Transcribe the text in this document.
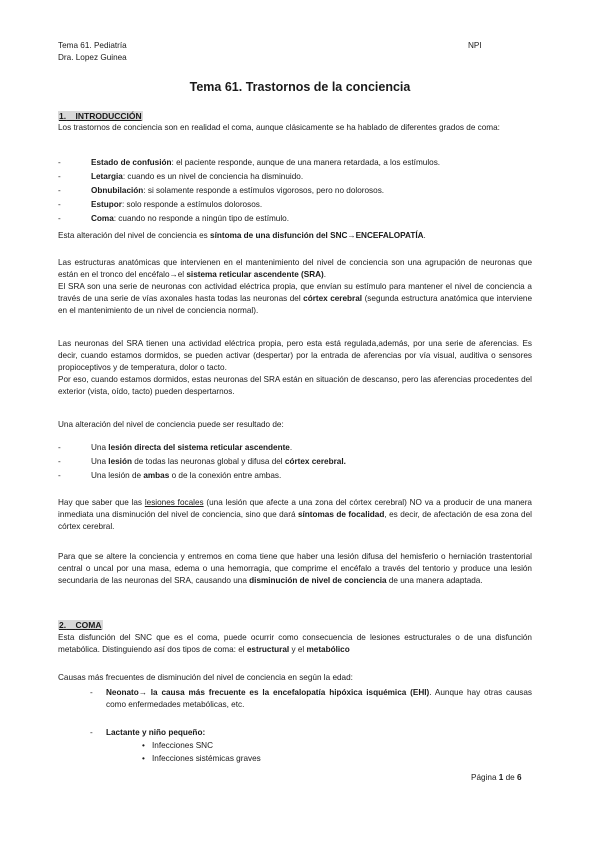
Tema 61. Pediatría
Dra. Lopez Guinea
NPI
Tema 61. Trastornos de la conciencia
1. INTRODUCCIÓN
Los trastornos de conciencia son en realidad el coma, aunque clásicamente se ha hablado de diferentes grados de coma:
-	Estado de confusión: el paciente responde, aunque de una manera retardada, a los estímulos.
-	Letargia: cuando es un nivel de conciencia ha disminuido.
-	Obnubilación: si solamente responde a estímulos vigorosos, pero no dolorosos.
-	Estupor: solo responde a estímulos dolorosos.
-	Coma: cuando no responde a ningún tipo de estímulo.
Esta alteración del nivel de conciencia es síntoma de una disfunción del SNC→ENCEFALOPATÍA.
Las estructuras anatómicas que intervienen en el mantenimiento del nivel de conciencia son una agrupación de neuronas que están en el tronco del encéfalo→el sistema reticular ascendente (SRA).
El SRA son una serie de neuronas con actividad eléctrica propia, que envían su estímulo para mantener el nivel de conciencia a través de una serie de vías axonales hasta todas las neuronas del córtex cerebral (segunda estructura anatómica que interviene en el mantenimiento de un nivel de conciencia normal).
Las neuronas del SRA tienen una actividad eléctrica propia, pero esta está regulada,además, por una serie de aferencias. Es decir, cuando estamos dormidos, se pueden activar (despertar) por la entrada de aferencias por vía visual, auditiva o sensores propioceptivos y de temperatura, dolor o tacto.
Por eso, cuando estamos dormidos, estas neuronas del SRA están en situación de descanso, pero las aferencias procedentes del exterior (vista, oído, tacto) pueden despertarnos.
Una alteración del nivel de conciencia puede ser resultado de:
-	Una lesión directa del sistema reticular ascendente.
-	Una lesión de todas las neuronas global y difusa del córtex cerebral.
-	Una lesión de ambas o de la conexión entre ambas.
Hay que saber que las lesiones focales (una lesión que afecte a una zona del córtex cerebral) NO va a producir de una manera inmediata una disminución del nivel de conciencia, sino que dará síntomas de focalidad, es decir, de afectación de esa zona del córtex cerebral.
Para que se altere la conciencia y entremos en coma tiene que haber una lesión difusa del hemisferio o herniación trastentorial central o uncal por una masa, edema o una hemorragia, que comprime el encéfalo a través del tentorio y produce una lesión secundaria de las neuronas del SRA, causando una disminución de nivel de conciencia de una manera adaptada.
2. COMA
Esta disfunción del SNC que es el coma, puede ocurrir como consecuencia de lesiones estructurales o de una disfunción metabólica. Distinguiendo así dos tipos de coma: el estructural y el metabólico
Causas más frecuentes de disminución del nivel de conciencia en según la edad:
- Neonato→ la causa más frecuente es la encefalopatía hipóxica isquémica (EHI). Aunque hay otras causas como enfermedades metabólicas, etc.
- Lactante y niño pequeño:
• Infecciones SNC
• Infecciones sistémicas graves
Página 1 de 6
